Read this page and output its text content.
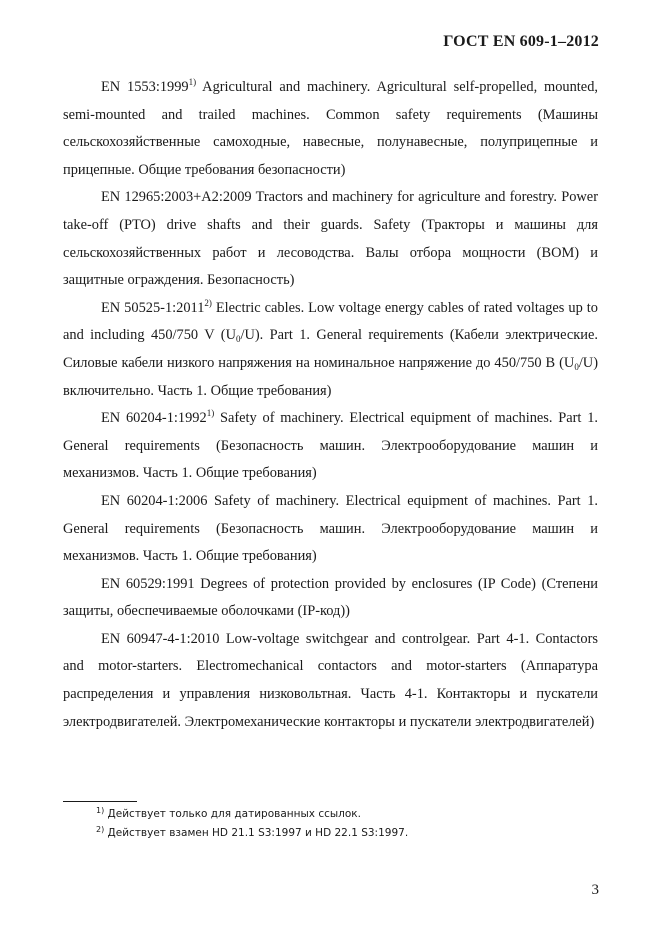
ГОСТ EN 609-1–2012

EN 1553:1999$^{1)}$ Agricultural and machinery. Agricultural self-propelled, mounted, semi-mounted and trailed machines. Common safety requirements (Машины сельскохозяйственные самоходные, навесные, полунавесные, полуприцепные и прицепные. Общие требования безопасности)

EN 12965:2003+A2:2009 Tractors and machinery for agriculture and forestry. Power take-off (PTO) drive shafts and their guards. Safety (Тракторы и машины для сельскохозяйственных работ и лесоводства. Валы отбора мощности (ВОМ) и защитные ограждения. Безопасность)

EN 50525-1:2011$^{2)}$ Electric cables. Low voltage energy cables of rated voltages up to and including 450/750 V $(U_0/U)$. Part 1. General requirements (Кабели электрические. Силовые кабели низкого напряжения на номинальное напряжение до 450/750 В $(U_0/U)$ включительно. Часть 1. Общие требования)

EN 60204-1:1992$^{1)}$ Safety of machinery. Electrical equipment of machines. Part 1. General requirements (Безопасность машин. Электрооборудование машин и механизмов. Часть 1. Общие требования)

EN 60204-1:2006 Safety of machinery. Electrical equipment of machines. Part 1. General requirements (Безопасность машин. Электрооборудование машин и механизмов. Часть 1. Общие требования)

EN 60529:1991 Degrees of protection provided by enclosures (IP Code) (Степени защиты, обеспечиваемые оболочками (IP-код))

EN 60947-4-1:2010 Low-voltage switchgear and controlgear. Part 4-1. Contactors and motor-starters. Electromechanical contactors and motor-starters (Аппаратура распределения и управления низковольтная. Часть 4-1. Контакторы и пускатели электродвигателей. Электромеханические контакторы и пускатели электродвигателей)

$^{1)}$ Действует только для датированных ссылок.

$^{2)}$ Действует взамен HD 21.1 S3:1997 и HD 22.1 S3:1997.

3
